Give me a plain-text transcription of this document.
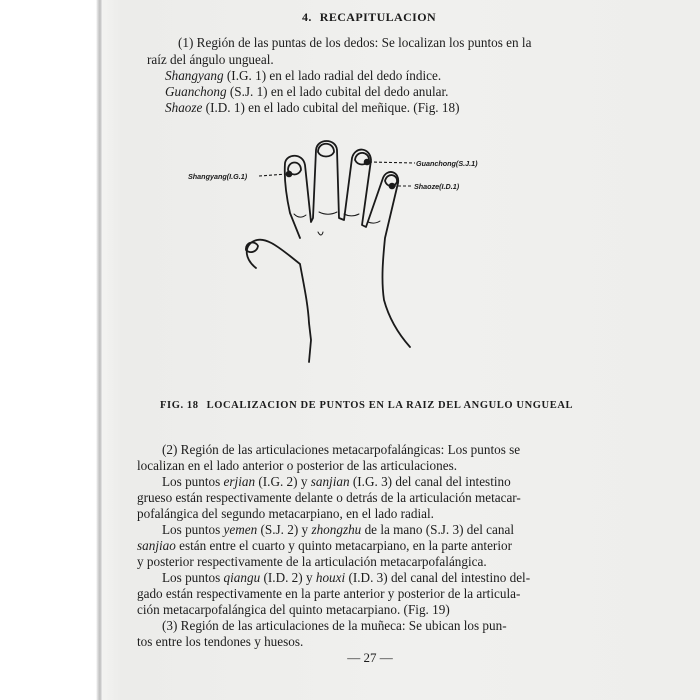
4. RECAPITULACION
(1) Región de las puntas de los dedos: Se localizan los puntos en la
raíz del ángulo ungueal.
Shangyang (I.G. 1) en el lado radial del dedo índice.
Guanchong (S.J. 1) en el lado cubital del dedo anular.
Shaoze (I.D. 1) en el lado cubital del meñique. (Fig. 18)
Shangyang(I.G.1)
Guanchong(S.J.1)
Shaoze(I.D.1)
FIG. 18 LOCALIZACION DE PUNTOS EN LA RAIZ DEL ANGULO UNGUEAL
(2) Región de las articulaciones metacarpofalángicas: Los puntos se
localizan en el lado anterior o posterior de las articulaciones.
Los puntos erjian (I.G. 2) y sanjian (I.G. 3) del canal del intestino
grueso están respectivamente delante o detrás de la articulación metacar-
pofalángica del segundo metacarpiano, en el lado radial.
Los puntos yemen (S.J. 2) y zhongzhu de la mano (S.J. 3) del canal
sanjiao están entre el cuarto y quinto metacarpiano, en la parte anterior
y posterior respectivamente de la articulación metacarpofalángica.
Los puntos qiangu (I.D. 2) y houxi (I.D. 3) del canal del intestino del-
gado están respectivamente en la parte anterior y posterior de la articula-
ción metacarpofalángica del quinto metacarpiano. (Fig. 19)
(3) Región de las articulaciones de la muñeca: Se ubican los pun-
tos entre los tendones y huesos.
— 27 —
